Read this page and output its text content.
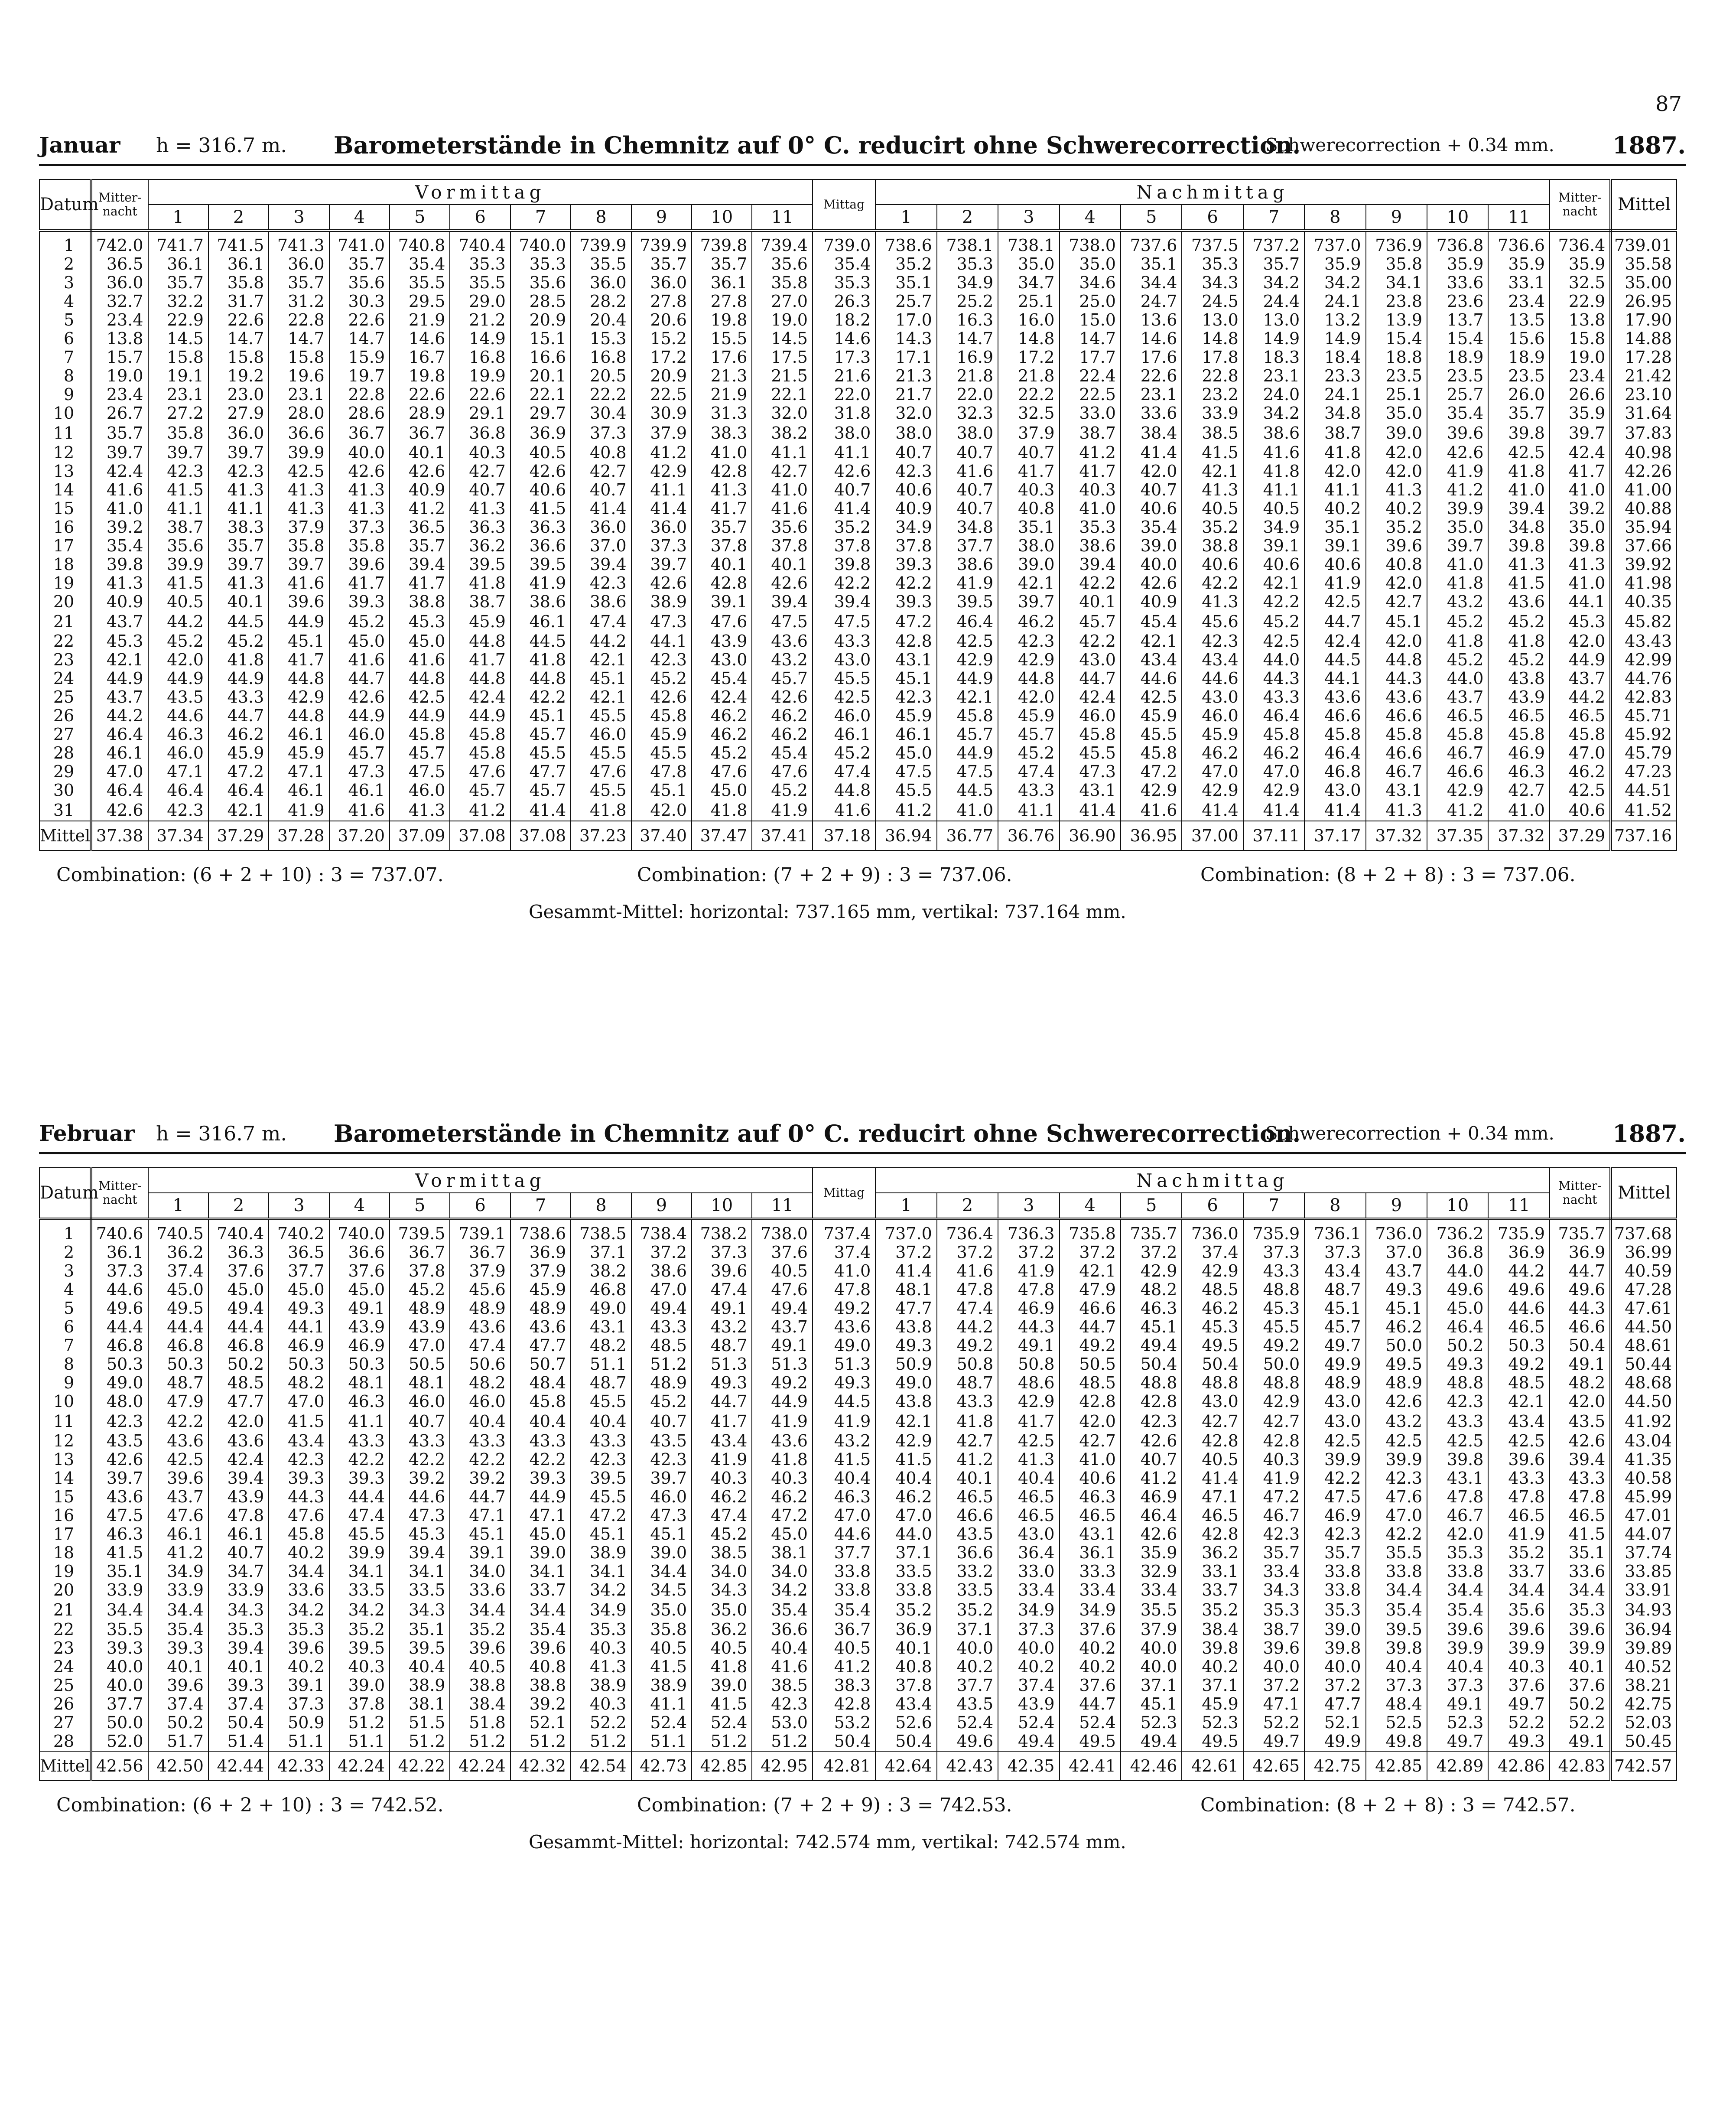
87
Januar h = 316.7 m. Barometerstände in Chemnitz auf 0° C. reducirt ohne Schwerecorrection.
Schwerecorrection + 0.34 mm. 1887.
Datum	Mitter-nacht	Vormittag											Mittag	Nachmittag											Mitter-nacht	Mittel
		1	2	3	4	5	6	7	8	9	10	11		1	2	3	4	5	6	7	8	9	10	11		
1	742.0	741.7	741.5	741.3	741.0	740.8	740.4	740.0	739.9	739.9	739.8	739.4	739.0	738.6	738.1	738.1	738.0	737.6	737.5	737.2	737.0	736.9	736.8	736.6	736.4	739.01
2	36.5	36.1	36.1	36.0	35.7	35.4	35.3	35.3	35.5	35.7	35.7	35.6	35.4	35.2	35.3	35.0	35.0	35.1	35.3	35.7	35.9	35.8	35.9	35.9	35.9	35.58
3	36.0	35.7	35.8	35.7	35.6	35.5	35.5	35.6	36.0	36.0	36.1	35.8	35.3	35.1	34.9	34.7	34.6	34.4	34.3	34.2	34.2	34.1	33.6	33.1	32.5	35.00
4	32.7	32.2	31.7	31.2	30.3	29.5	29.0	28.5	28.2	27.8	27.8	27.0	26.3	25.7	25.2	25.1	25.0	24.7	24.5	24.4	24.1	23.8	23.6	23.4	22.9	26.95
5	23.4	22.9	22.6	22.8	22.6	21.9	21.2	20.9	20.4	20.6	19.8	19.0	18.2	17.0	16.3	16.0	15.0	13.6	13.0	13.0	13.2	13.9	13.7	13.5	13.8	17.90
6	13.8	14.5	14.7	14.7	14.7	14.6	14.9	15.1	15.3	15.2	15.5	14.5	14.6	14.3	14.7	14.8	14.7	14.6	14.8	14.9	14.9	15.4	15.4	15.6	15.8	14.88
7	15.7	15.8	15.8	15.8	15.9	16.7	16.8	16.6	16.8	17.2	17.6	17.5	17.3	17.1	16.9	17.2	17.7	17.6	17.8	18.3	18.4	18.8	18.9	18.9	19.0	17.28
8	19.0	19.1	19.2	19.6	19.7	19.8	19.9	20.1	20.5	20.9	21.3	21.5	21.6	21.3	21.8	21.8	22.4	22.6	22.8	23.1	23.3	23.5	23.5	23.5	23.4	21.42
9	23.4	23.1	23.0	23.1	22.8	22.6	22.6	22.1	22.2	22.5	21.9	22.1	22.0	21.7	22.0	22.2	22.5	23.1	23.2	24.0	24.1	25.1	25.7	26.0	26.6	23.10
10	26.7	27.2	27.9	28.0	28.6	28.9	29.1	29.7	30.4	30.9	31.3	32.0	31.8	32.0	32.3	32.5	33.0	33.6	33.9	34.2	34.8	35.0	35.4	35.7	35.9	31.64
11	35.7	35.8	36.0	36.6	36.7	36.7	36.8	36.9	37.3	37.9	38.3	38.2	38.0	38.0	38.0	37.9	38.7	38.4	38.5	38.6	38.7	39.0	39.6	39.8	39.7	37.83
12	39.7	39.7	39.7	39.9	40.0	40.1	40.3	40.5	40.8	41.2	41.0	41.1	41.1	40.7	40.7	40.7	41.2	41.4	41.5	41.6	41.8	42.0	42.6	42.5	42.4	40.98
13	42.4	42.3	42.3	42.5	42.6	42.6	42.7	42.6	42.7	42.9	42.8	42.7	42.6	42.3	41.6	41.7	41.7	42.0	42.1	41.8	42.0	42.0	41.9	41.8	41.7	42.26
14	41.6	41.5	41.3	41.3	41.3	40.9	40.7	40.6	40.7	41.1	41.3	41.0	40.7	40.6	40.7	40.3	40.3	40.7	41.3	41.1	41.1	41.3	41.2	41.0	41.0	41.00
15	41.0	41.1	41.1	41.3	41.3	41.2	41.3	41.5	41.4	41.4	41.7	41.6	41.4	40.9	40.7	40.8	41.0	40.6	40.5	40.5	40.2	40.2	39.9	39.4	39.2	40.88
16	39.2	38.7	38.3	37.9	37.3	36.5	36.3	36.3	36.0	36.0	35.7	35.6	35.2	34.9	34.8	35.1	35.3	35.4	35.2	34.9	35.1	35.2	35.0	34.8	35.0	35.94
17	35.4	35.6	35.7	35.8	35.8	35.7	36.2	36.6	37.0	37.3	37.8	37.8	37.8	37.8	37.7	38.0	38.6	39.0	38.8	39.1	39.1	39.6	39.7	39.8	39.8	37.66
18	39.8	39.9	39.7	39.7	39.6	39.4	39.5	39.5	39.4	39.7	40.1	40.1	39.8	39.3	38.6	39.0	39.4	40.0	40.6	40.6	40.6	40.8	41.0	41.3	41.3	39.92
19	41.3	41.5	41.3	41.6	41.7	41.7	41.8	41.9	42.3	42.6	42.8	42.6	42.2	42.2	41.9	42.1	42.2	42.6	42.2	42.1	41.9	42.0	41.8	41.5	41.0	41.98
20	40.9	40.5	40.1	39.6	39.3	38.8	38.7	38.6	38.6	38.9	39.1	39.4	39.4	39.3	39.5	39.7	40.1	40.9	41.3	42.2	42.5	42.7	43.2	43.6	44.1	40.35
21	43.7	44.2	44.5	44.9	45.2	45.3	45.9	46.1	47.4	47.3	47.6	47.5	47.5	47.2	46.4	46.2	45.7	45.4	45.6	45.2	44.7	45.1	45.2	45.2	45.3	45.82
22	45.3	45.2	45.2	45.1	45.0	45.0	44.8	44.5	44.2	44.1	43.9	43.6	43.3	42.8	42.5	42.3	42.2	42.1	42.3	42.5	42.4	42.0	41.8	41.8	42.0	43.43
23	42.1	42.0	41.8	41.7	41.6	41.6	41.7	41.8	42.1	42.3	43.0	43.2	43.0	43.1	42.9	42.9	43.0	43.4	43.4	44.0	44.5	44.8	45.2	45.2	44.9	42.99
24	44.9	44.9	44.9	44.8	44.7	44.8	44.8	44.8	45.1	45.2	45.4	45.7	45.5	45.1	44.9	44.8	44.7	44.6	44.6	44.3	44.1	44.3	44.0	43.8	43.7	44.76
25	43.7	43.5	43.3	42.9	42.6	42.5	42.4	42.2	42.1	42.6	42.4	42.6	42.5	42.3	42.1	42.0	42.4	42.5	43.0	43.3	43.6	43.6	43.7	43.9	44.2	42.83
26	44.2	44.6	44.7	44.8	44.9	44.9	44.9	45.1	45.5	45.8	46.2	46.2	46.0	45.9	45.8	45.9	46.0	45.9	46.0	46.4	46.6	46.6	46.5	46.5	46.5	45.71
27	46.4	46.3	46.2	46.1	46.0	45.8	45.8	45.7	46.0	45.9	46.2	46.2	46.1	46.1	45.7	45.7	45.8	45.5	45.9	45.8	45.8	45.8	45.8	45.8	45.8	45.92
28	46.1	46.0	45.9	45.9	45.7	45.7	45.8	45.5	45.5	45.5	45.2	45.4	45.2	45.0	44.9	45.2	45.5	45.8	46.2	46.2	46.4	46.6	46.7	46.9	47.0	45.79
29	47.0	47.1	47.2	47.1	47.3	47.5	47.6	47.7	47.6	47.8	47.6	47.6	47.4	47.5	47.5	47.4	47.3	47.2	47.0	47.0	46.8	46.7	46.6	46.3	46.2	47.23
30	46.4	46.4	46.4	46.1	46.1	46.0	45.7	45.7	45.5	45.1	45.0	45.2	44.8	45.5	44.5	43.3	43.1	42.9	42.9	42.9	43.0	43.1	42.9	42.7	42.5	44.51
31	42.6	42.3	42.1	41.9	41.6	41.3	41.2	41.4	41.8	42.0	41.8	41.9	41.6	41.2	41.0	41.1	41.4	41.6	41.4	41.4	41.4	41.3	41.2	41.0	40.6	41.52
Mittel	37.38	37.34	37.29	37.28	37.20	37.09	37.08	37.08	37.23	37.40	37.47	37.41	37.18	36.94	36.77	36.76	36.90	36.95	37.00	37.11	37.17	37.32	37.35	37.32	37.29	737.16
Combination: (6 + 2 + 10) : 3 = 737.07.	Combination: (7 + 2 + 9) : 3 = 737.06.	Combination: (8 + 2 + 8) : 3 = 737.06.
Gesammt-Mittel: horizontal: 737.165 mm, vertikal: 737.164 mm.
Februar h = 316.7 m. Barometerstände in Chemnitz auf 0° C. reducirt ohne Schwerecorrection.
Schwerecorrection + 0.34 mm. 1887.
Datum	Mitter-nacht	Vormittag											Mittag	Nachmittag											Mitter-nacht	Mittel
		1	2	3	4	5	6	7	8	9	10	11		1	2	3	4	5	6	7	8	9	10	11		
1	740.6	740.5	740.4	740.2	740.0	739.5	739.1	738.6	738.5	738.4	738.2	738.0	737.4	737.0	736.4	736.3	735.8	735.7	736.0	735.9	736.1	736.0	736.2	735.9	735.7	737.68
2	36.1	36.2	36.3	36.5	36.6	36.7	36.7	36.9	37.1	37.2	37.3	37.6	37.4	37.2	37.2	37.2	37.2	37.2	37.4	37.3	37.3	37.0	36.8	36.9	36.9	36.99
3	37.3	37.4	37.6	37.7	37.6	37.8	37.9	37.9	38.2	38.6	39.6	40.5	41.0	41.4	41.6	41.9	42.1	42.9	42.9	43.3	43.4	43.7	44.0	44.2	44.7	40.59
4	44.6	45.0	45.0	45.0	45.0	45.2	45.6	45.9	46.8	47.0	47.4	47.6	47.8	48.1	47.8	47.8	47.9	48.2	48.5	48.8	48.7	49.3	49.6	49.6	49.6	47.28
5	49.6	49.5	49.4	49.3	49.1	48.9	48.9	48.9	49.0	49.4	49.1	49.4	49.2	47.7	47.4	46.9	46.6	46.3	46.2	45.3	45.1	45.1	45.0	44.6	44.3	47.61
6	44.4	44.4	44.4	44.1	43.9	43.9	43.6	43.6	43.1	43.3	43.2	43.7	43.6	43.8	44.2	44.3	44.7	45.1	45.3	45.5	45.7	46.2	46.4	46.5	46.6	44.50
7	46.8	46.8	46.8	46.9	46.9	47.0	47.4	47.7	48.2	48.5	48.7	49.1	49.0	49.3	49.2	49.1	49.2	49.4	49.5	49.2	49.7	50.0	50.2	50.3	50.4	48.61
8	50.3	50.3	50.2	50.3	50.3	50.5	50.6	50.7	51.1	51.2	51.3	51.3	51.3	50.9	50.8	50.8	50.5	50.4	50.4	50.0	49.9	49.5	49.3	49.2	49.1	50.44
9	49.0	48.7	48.5	48.2	48.1	48.1	48.2	48.4	48.7	48.9	49.3	49.2	49.3	49.0	48.7	48.6	48.5	48.8	48.8	48.8	48.9	48.9	48.8	48.5	48.2	48.68
10	48.0	47.9	47.7	47.0	46.3	46.0	46.0	45.8	45.5	45.2	44.7	44.9	44.5	43.8	43.3	42.9	42.8	42.8	43.0	42.9	43.0	42.6	42.3	42.1	42.0	44.50
11	42.3	42.2	42.0	41.5	41.1	40.7	40.4	40.4	40.4	40.7	41.7	41.9	41.9	42.1	41.8	41.7	42.0	42.3	42.7	42.7	43.0	43.2	43.3	43.4	43.5	41.92
12	43.5	43.6	43.6	43.4	43.3	43.3	43.3	43.3	43.3	43.5	43.4	43.6	43.2	42.9	42.7	42.5	42.7	42.6	42.8	42.8	42.5	42.5	42.5	42.5	42.6	43.04
13	42.6	42.5	42.4	42.3	42.2	42.2	42.2	42.2	42.3	42.3	41.9	41.8	41.5	41.5	41.2	41.3	41.0	40.7	40.5	40.3	39.9	39.9	39.8	39.6	39.4	41.35
14	39.7	39.6	39.4	39.3	39.3	39.2	39.2	39.3	39.5	39.7	40.3	40.3	40.4	40.4	40.1	40.4	40.6	41.2	41.4	41.9	42.2	42.3	43.1	43.3	43.3	40.58
15	43.6	43.7	43.9	44.3	44.4	44.6	44.7	44.9	45.5	46.0	46.2	46.2	46.3	46.2	46.5	46.5	46.3	46.9	47.1	47.2	47.5	47.6	47.8	47.8	47.8	45.99
16	47.5	47.6	47.8	47.6	47.4	47.3	47.1	47.1	47.2	47.3	47.4	47.2	47.0	47.0	46.6	46.5	46.5	46.4	46.5	46.7	46.9	47.0	46.7	46.5	46.5	47.01
17	46.3	46.1	46.1	45.8	45.5	45.3	45.1	45.0	45.1	45.1	45.2	45.0	44.6	44.0	43.5	43.0	43.1	42.6	42.8	42.3	42.3	42.2	42.0	41.9	41.5	44.07
18	41.5	41.2	40.7	40.2	39.9	39.4	39.1	39.0	38.9	39.0	38.5	38.1	37.7	37.1	36.6	36.4	36.1	35.9	36.2	35.7	35.7	35.5	35.3	35.2	35.1	37.74
19	35.1	34.9	34.7	34.4	34.1	34.1	34.0	34.1	34.1	34.4	34.0	34.0	33.8	33.5	33.2	33.0	33.3	32.9	33.1	33.4	33.8	33.8	33.8	33.7	33.6	33.85
20	33.9	33.9	33.9	33.6	33.5	33.5	33.6	33.7	34.2	34.5	34.3	34.2	33.8	33.8	33.5	33.4	33.4	33.4	33.7	34.3	33.8	34.4	34.4	34.4	34.4	33.91
21	34.4	34.4	34.3	34.2	34.2	34.3	34.4	34.4	34.9	35.0	35.0	35.4	35.4	35.2	35.2	34.9	34.9	35.5	35.2	35.3	35.3	35.4	35.4	35.6	35.3	34.93
22	35.5	35.4	35.3	35.3	35.2	35.1	35.2	35.4	35.3	35.8	36.2	36.6	36.7	36.9	37.1	37.3	37.6	37.9	38.4	38.7	39.0	39.5	39.6	39.6	39.6	36.94
23	39.3	39.3	39.4	39.6	39.5	39.5	39.6	39.6	40.3	40.5	40.5	40.4	40.5	40.1	40.0	40.0	40.2	40.0	39.8	39.6	39.8	39.8	39.9	39.9	39.9	39.89
24	40.0	40.1	40.1	40.2	40.3	40.4	40.5	40.8	41.3	41.5	41.8	41.6	41.2	40.8	40.2	40.2	40.2	40.0	40.2	40.0	40.0	40.4	40.4	40.3	40.1	40.52
25	40.0	39.6	39.3	39.1	39.0	38.9	38.8	38.8	38.9	38.9	39.0	38.5	38.3	37.8	37.7	37.4	37.6	37.1	37.1	37.2	37.2	37.3	37.3	37.6	37.6	38.21
26	37.7	37.4	37.4	37.3	37.8	38.1	38.4	39.2	40.3	41.1	41.5	42.3	42.8	43.4	43.5	43.9	44.7	45.1	45.9	47.1	47.7	48.4	49.1	49.7	50.2	42.75
27	50.0	50.2	50.4	50.9	51.2	51.5	51.8	52.1	52.2	52.4	52.4	53.0	53.2	52.6	52.4	52.4	52.4	52.3	52.3	52.2	52.1	52.5	52.3	52.2	52.2	52.03
28	52.0	51.7	51.4	51.1	51.1	51.2	51.2	51.2	51.2	51.1	51.2	51.2	50.4	50.4	49.6	49.4	49.5	49.4	49.5	49.7	49.9	49.8	49.7	49.3	49.1	50.45
Mittel	42.56	42.50	42.44	42.33	42.24	42.22	42.24	42.32	42.54	42.73	42.85	42.95	42.81	42.64	42.43	42.35	42.41	42.46	42.61	42.65	42.75	42.85	42.89	42.86	42.83	742.57
Combination: (6 + 2 + 10) : 3 = 742.52.	Combination: (7 + 2 + 9) : 3 = 742.53.	Combination: (8 + 2 + 8) : 3 = 742.57.
Gesammt-Mittel: horizontal: 742.574 mm, vertikal: 742.574 mm.
